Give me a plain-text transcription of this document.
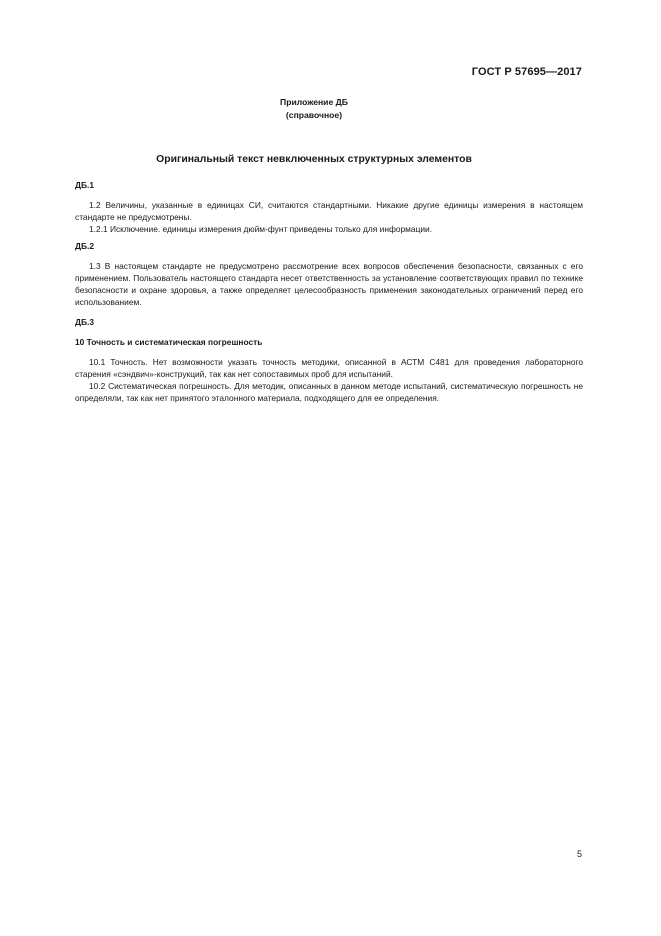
ГОСТ Р 57695—2017
Приложение ДБ
(справочное)
Оригинальный текст невключенных структурных элементов
ДБ.1

1.2 Величины, указанные в единицах СИ, считаются стандартными. Никакие другие единицы измерения в настоящем стандарте не предусмотрены.

1.2.1 Исключение. единицы измерения дюйм-фунт приведены только для информации.

ДБ.2

1.3 В настоящем стандарте не предусмотрено рассмотрение всех вопросов обеспечения безопасности, связанных с его применением. Пользователь настоящего стандарта несет ответственность за установление соответствующих правил по технике безопасности и охране здоровья, а также определяет целесообразность применения законодательных ограничений перед его использованием.

ДБ.3
10 Точность и систематическая погрешность

10.1 Точность. Нет возможности указать точность методики, описанной в АСТМ С481 для проведения лабораторного старения «сэндвич»-конструкций, так как нет сопоставимых проб для испытаний.

10.2 Систематическая погрешность. Для методик, описанных в данном методе испытаний, систематическую погрешность не определяли, так как нет принятого эталонного материала, подходящего для ее определения.

5
